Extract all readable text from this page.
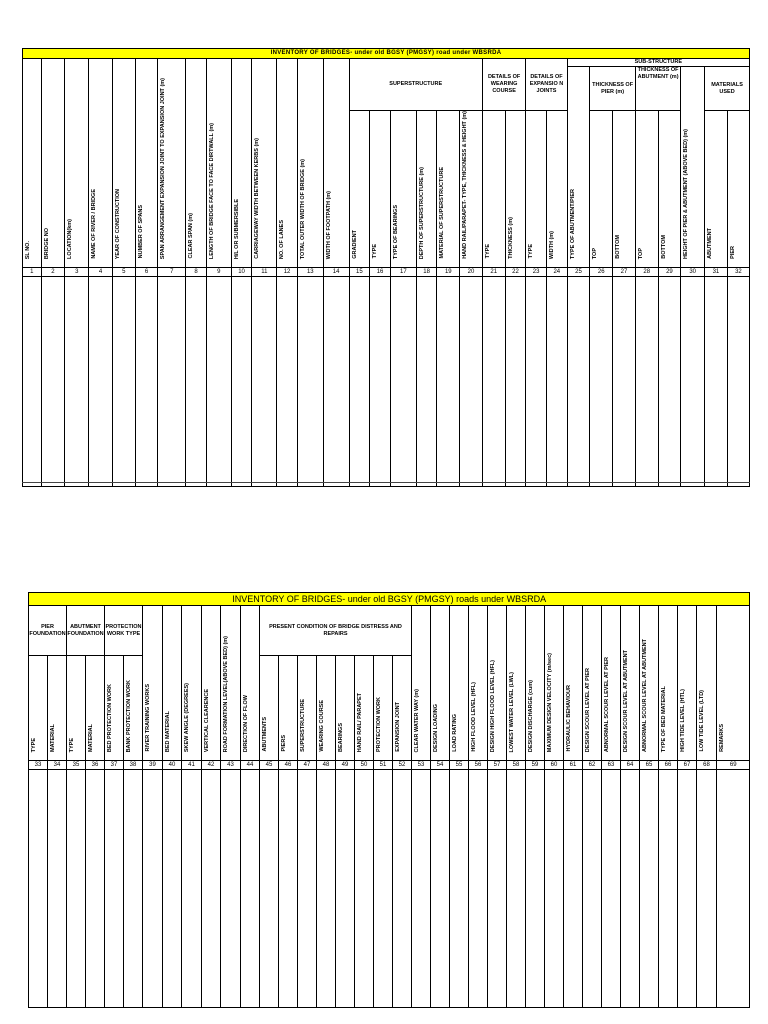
INVENTORY OF BRIDGES- under old BGSY (PMGSY) road under WBSRDA																															
SL NO.	BRIDGE NO	LOCATION(km)	NAME OF RIVER / BRIDGE	YEAR OF CONSTRUCTION	NUMBER OF SPANS	SPAN ARRANGEMENT EXPANSION JOINT TO EXPANSION JOINT (m)	CLEAR SPAN (m)	LENGTH OF BRIDGE FACE TO FACE DIRTWALL (m)	H/L OR SUBMERSIBLE	CARRIAGEWAY WIDTH BETWEEN KERBS (m)	NO. OF LANES	TOTAL OUTER WIDTH OF BRIDGE (m)	WIDTH OF FOOTPATH (m)	SUPERSTRUCTURE						DETAILS OF WEARING COURSE		DETAILS OF EXPANSIO N JOINTS		SUB-STRUCTURE							
																								TYPE OF ABUTMENT/PIER	THICKNESS OF PIER (m)		THICKNESS OF ABUTMENT (m)		HEIGHT OF PIER & ABUTMENT (ABOVE BED) (m)	MATERIALS USED	
														GRADIENT	TYPE	TYPE OF BEARINGS	DEPTH OF SUPERSTRUCTURE (m)	MATERIAL OF SUPERSTRUCTURE	HAND RAIL/PARAPET- TYPE, THICKNESS & HEIGHT (m)	TYPE	THICKNESS (m)	TYPE	WIDTH (m)		TOP	BOTTOM	TOP	BOTTOM		ABUTMENT	PIER
1	2	3	4	5	6	7	8	9	10	11	12	13	14	15	16	17	18	19	20	21	22	23	24	25	26	27	28	29	30	31	32

INVENTORY OF BRIDGES- under old BGSY (PMGSY) roads under WBSRDA																																				
PIER FOUNDATION		ABUTMENT FOUNDATION		PROTECTION WORK TYPE		RIVER TRAINING WORKS	BED MATERIAL	SKEW ANGLE (DEGREES)	VERTICAL CLEARENCE	ROAD FORMATION LEVEL(ABOVE BED) (m)	DIRECTION OF FLOW	PRESENT CONDITION OF BRIDGE DISTRESS AND REPAIRS								CLEAR WATER WAY (m)	DESIGN LOADING	LOAD RATING	HIGH FLOOD LEVEL (HFL)	DESIGN HIGH FLOOD LEVEL (HFL)	LOWEST WATER LEVEL (LWL)	DESIGN DISCHARGE (cum)	MAXIMUM DESIGN VELOCITY (m/sec)	HYDRAULIC BEHAVIOUR	DESIGN SCOUR LEVEL AT PIER	ABNORMAL SCOUR LEVEL AT PIER	DESIGN SCOUR LEVEL AT ABUTMENT	ABNORMAL SCOUR LEVEL AT ABUTMENT	TYPE OF BED MATERIAL	HIGH TIDE LEVEL (HTL)	LOW TIDE LEVEL (LTD)	REMARKS
TYPE	MATERIAL	TYPE	MATERIAL	BED PROTECTION WORK	BANK PROTECTION WORK							ABUTMENTS	PIERS	SUPERSTRUCTURE	WEARING COURSE	BEARINGS	HAND RAIL/ PARAPET	PROTECTION WORK	EXPANSION JOINT																	
33	34	35	36	37	38	39	40	41	42	43	44	45	46	47	48	49	50	51	52	53	54	55	56	57	58	59	60	61	62	63	64	65	66	67	68	69
